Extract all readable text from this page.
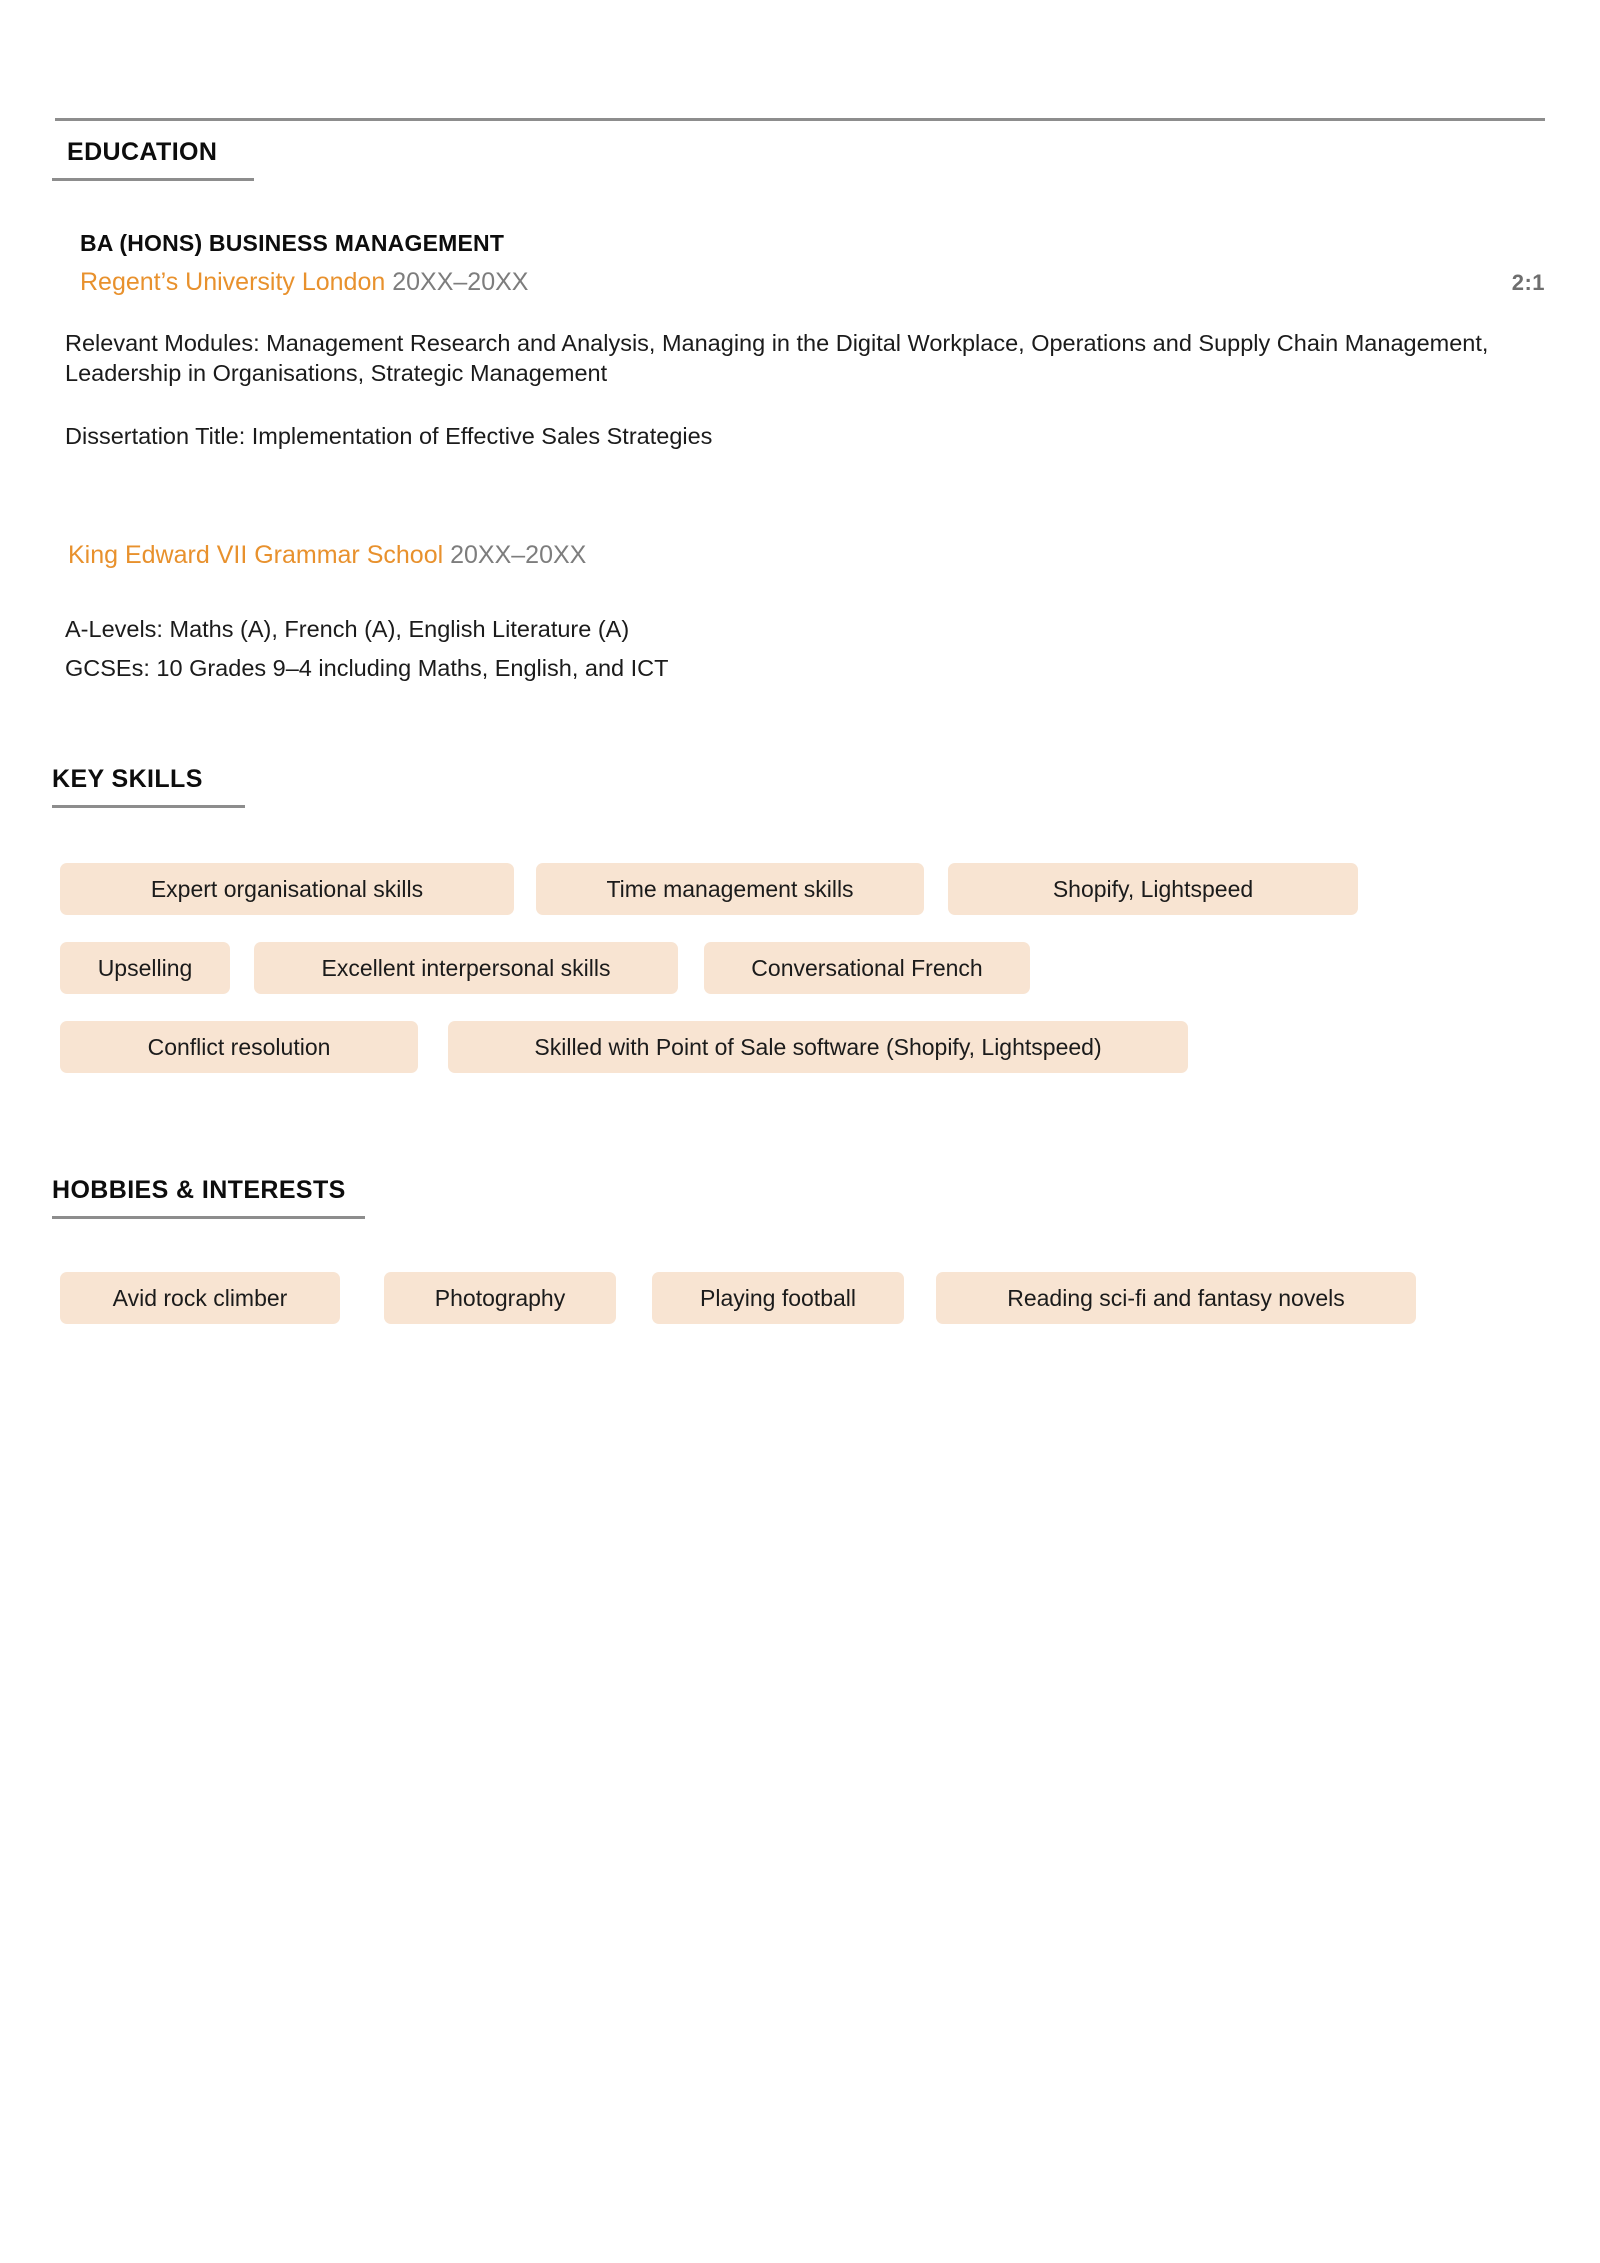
EDUCATION
BA (HONS) BUSINESS MANAGEMENT
Regent’s University London 20XX–20XX	2:1

Relevant Modules: Management Research and Analysis, Managing in the Digital Workplace, Operations and Supply Chain Management, Leadership in Organisations, Strategic Management

Dissertation Title: Implementation of Effective Sales Strategies

King Edward VII Grammar School 20XX–20XX

A-Levels: Maths (A), French (A), English Literature (A)

GCSEs: 10 Grades 9–4 including Maths, English, and ICT

KEY SKILLS
Expert organisational skills	Time management skills	Shopify, Lightspeed
Upselling	Excellent interpersonal skills	Conversational French
Conflict resolution	Skilled with Point of Sale software (Shopify, Lightspeed)
HOBBIES & INTERESTS
Avid rock climber	Photography	Playing football	Reading sci-fi and fantasy novels
